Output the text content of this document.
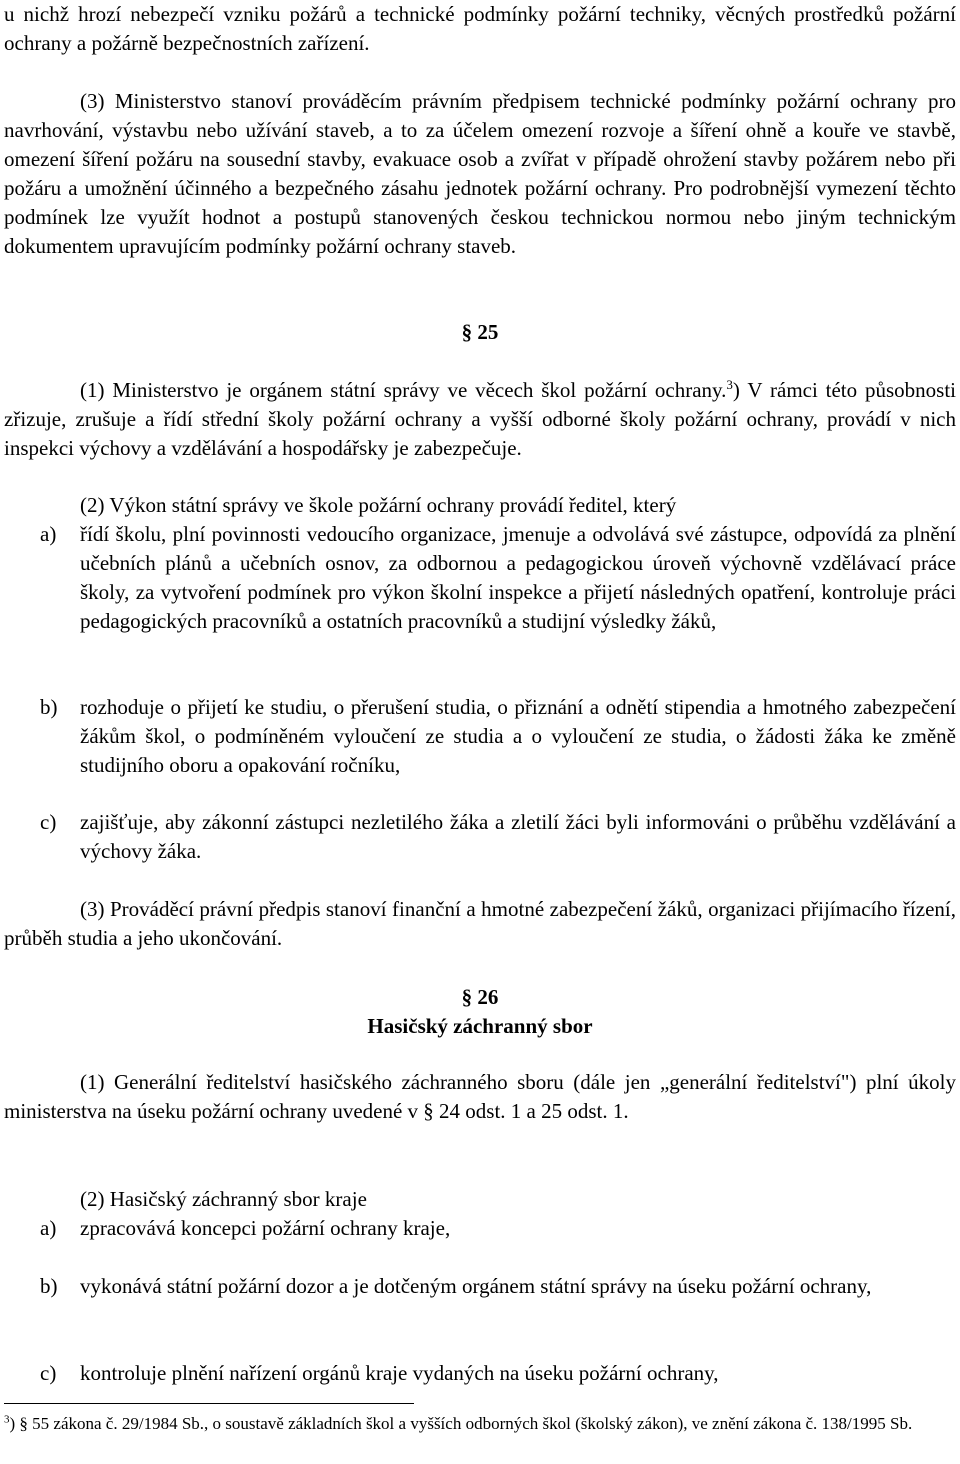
u nichž hrozí nebezpečí vzniku požárů a technické podmínky požární techniky, věcných prostředků požární ochrany a požárně bezpečnostních zařízení.

(3) Ministerstvo stanoví prováděcím právním předpisem technické podmínky požární ochrany pro navrhování, výstavbu nebo užívání staveb, a to za účelem omezení rozvoje a šíření ohně a kouře ve stavbě, omezení šíření požáru na sousední stavby, evakuace osob a zvířat v případě ohrožení stavby požárem nebo při požáru a umožnění účinného a bezpečného zásahu jednotek požární ochrany. Pro podrobnější vymezení těchto podmínek lze využít hodnot a postupů stanovených českou technickou normou nebo jiným technickým dokumentem upravujícím podmínky požární ochrany staveb.

§ 25

(1) Ministerstvo je orgánem státní správy ve věcech škol požární ochrany.$^3$) V rámci této působnosti zřizuje, zrušuje a řídí střední školy požární ochrany a vyšší odborné školy požární ochrany, provádí v nich inspekci výchovy a vzdělávání a hospodářsky je zabezpečuje.

(2) Výkon státní správy ve škole požární ochrany provádí ředitel, který

a) řídí školu, plní povinnosti vedoucího organizace, jmenuje a odvolává své zástupce, odpovídá za plnění učebních plánů a učebních osnov, za odbornou a pedagogickou úroveň výchovně vzdělávací práce školy, za vytvoření podmínek pro výkon školní inspekce a přijetí následných opatření, kontroluje práci pedagogických pracovníků a ostatních pracovníků a studijní výsledky žáků,
b) rozhoduje o přijetí ke studiu, o přerušení studia, o přiznání a odnětí stipendia a hmotného zabezpečení žákům škol, o podmíněném vyloučení ze studia a o vyloučení ze studia, o žádosti žáka ke změně studijního oboru a opakování ročníku,
c) zajišťuje, aby zákonní zástupci nezletilého žáka a zletilí žáci byli informováni o průběhu vzdělávání a výchovy žáka.

(3) Prováděcí právní předpis stanoví finanční a hmotné zabezpečení žáků, organizaci přijímacího řízení, průběh studia a jeho ukončování.

§ 26

Hasičský záchranný sbor

(1) Generální ředitelství hasičského záchranného sboru (dále jen „generální ředitelství") plní úkoly ministerstva na úseku požární ochrany uvedené v § 24 odst. 1 a 25 odst. 1.

(2) Hasičský záchranný sbor kraje

a) zpracovává koncepci požární ochrany kraje,
b) vykonává státní požární dozor a je dotčeným orgánem státní správy na úseku požární ochrany,
c) kontroluje plnění nařízení orgánů kraje vydaných na úseku požární ochrany,
$^3$) § 55 zákona č. 29/1984 Sb., o soustavě základních škol a vyšších odborných škol (školský zákon), ve znění zákona č. 138/1995 Sb.
